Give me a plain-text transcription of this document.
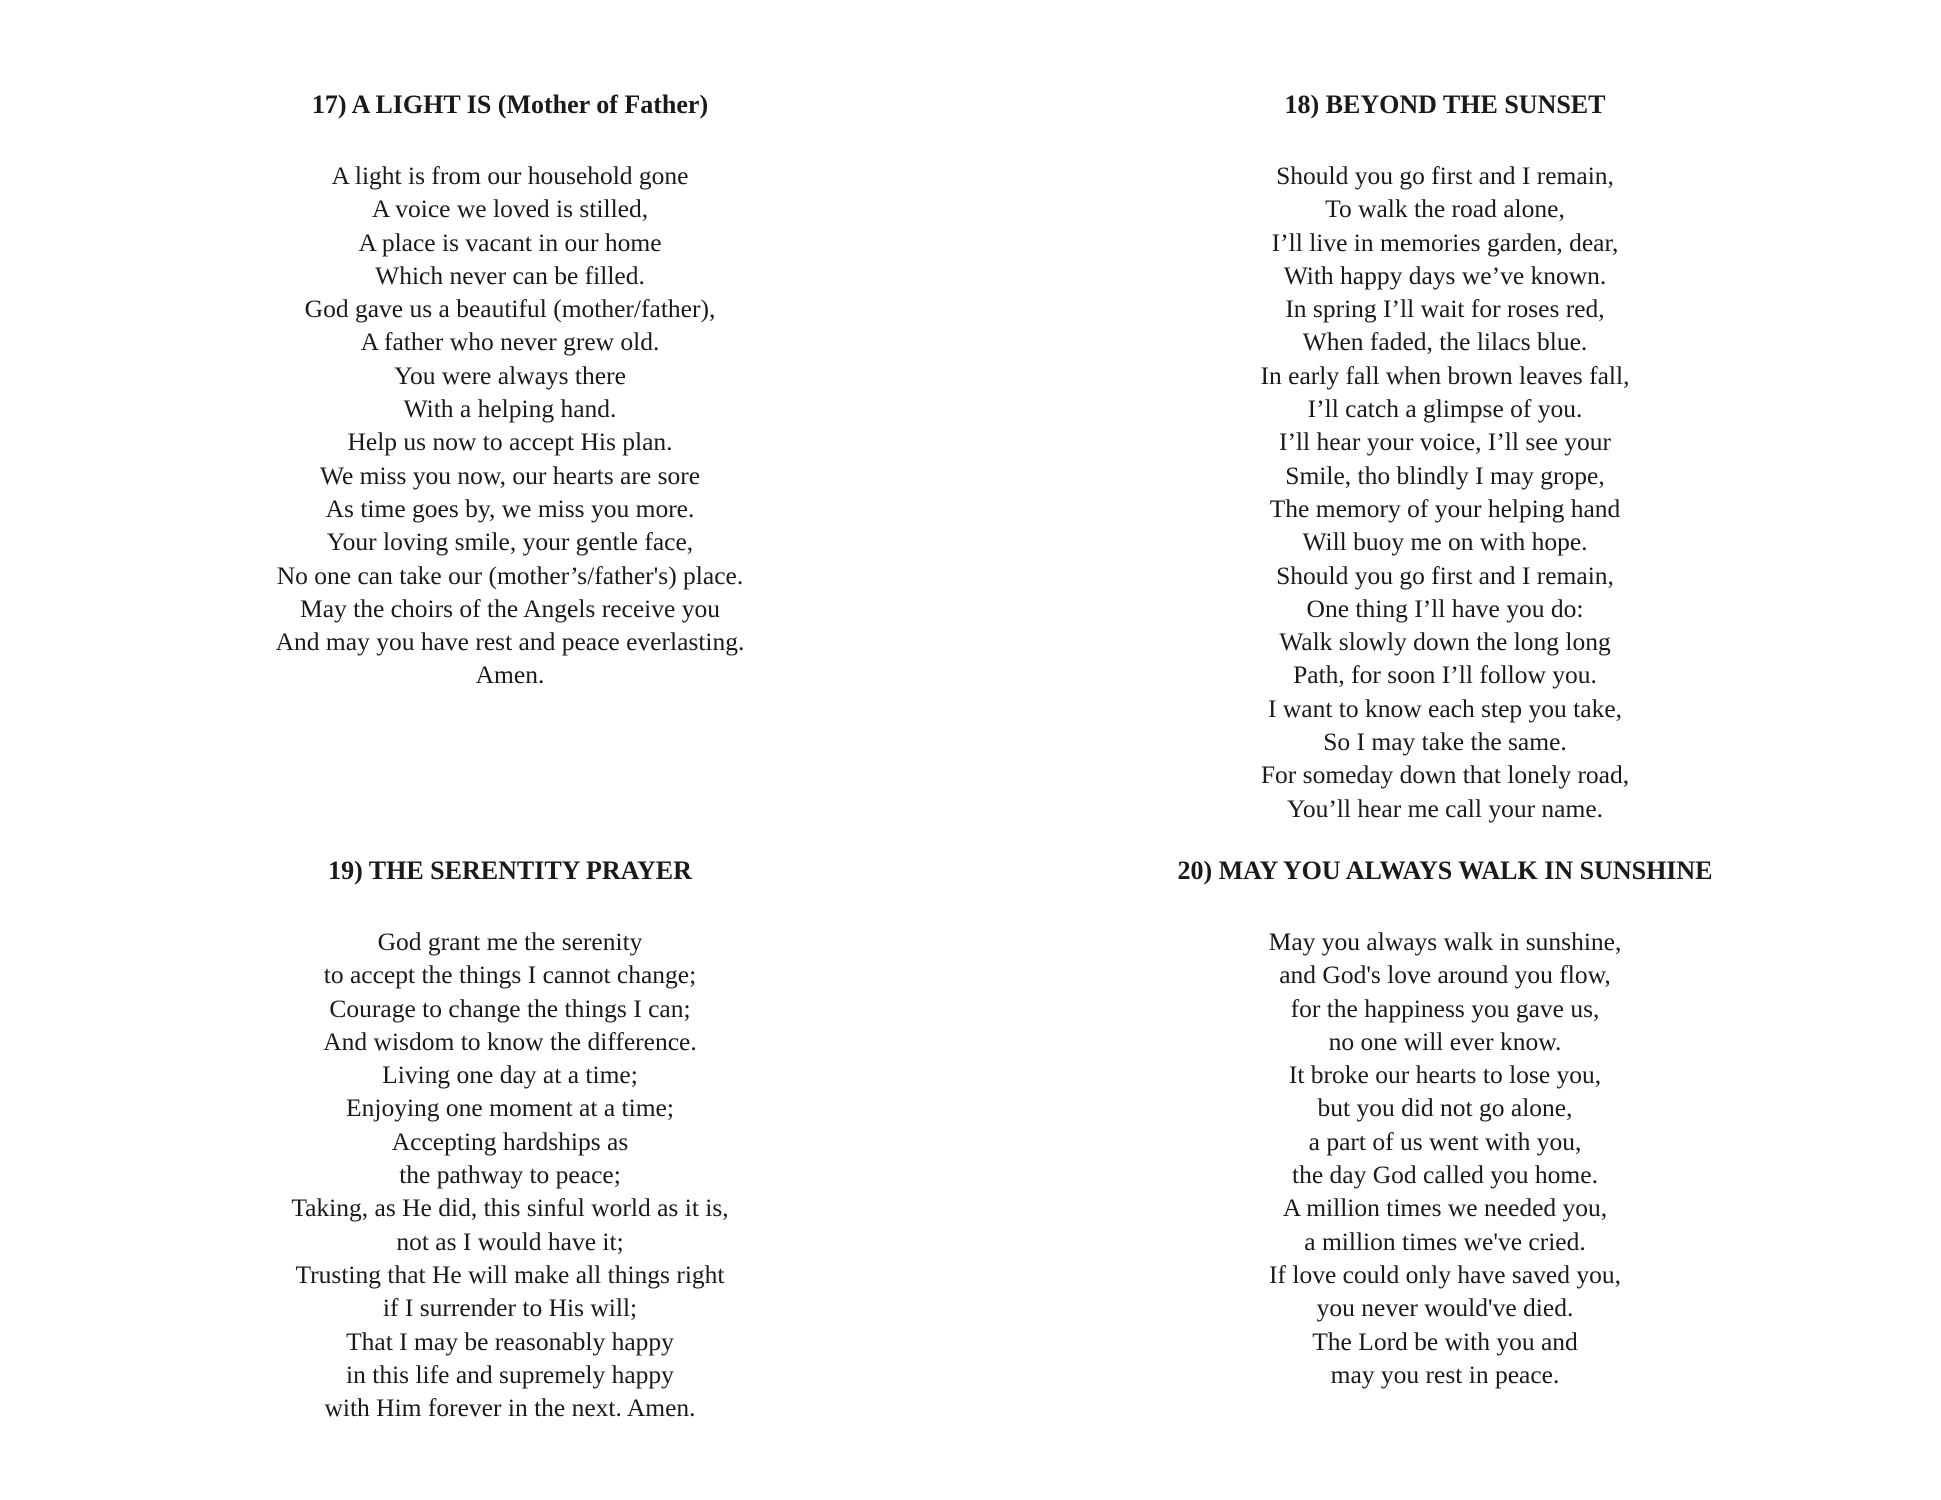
17) A LIGHT IS (Mother of Father)
A light is from our household gone
A voice we loved is stilled,
A place is vacant in our home
Which never can be filled.
God gave us a beautiful (mother/father),
A father who never grew old.
You were always there
With a helping hand.
Help us now to accept His plan.
We miss you now, our hearts are sore
As time goes by, we miss you more.
Your loving smile, your gentle face,
No one can take our (mother’s/father's) place.
May the choirs of the Angels receive you
And may you have rest and peace everlasting.
Amen.
18) BEYOND THE SUNSET
Should you go first and I remain,
To walk the road alone,
I’ll live in memories garden, dear,
With happy days we’ve known.
In spring I’ll wait for roses red,
When faded, the lilacs blue.
In early fall when brown leaves fall,
I’ll catch a glimpse of you.
I’ll hear your voice, I’ll see your
Smile, tho blindly I may grope,
The memory of your helping hand
Will buoy me on with hope.
Should you go first and I remain,
One thing I’ll have you do:
Walk slowly down the long long
Path, for soon I’ll follow you.
I want to know each step you take,
So I may take the same.
For someday down that lonely road,
You’ll hear me call your name.
19) THE SERENTITY PRAYER
God grant me the serenity
to accept the things I cannot change;
Courage to change the things I can;
And wisdom to know the difference.
Living one day at a time;
Enjoying one moment at a time;
Accepting hardships as
the pathway to peace;
Taking, as He did, this sinful world as it is,
not as I would have it;
Trusting that He will make all things right
if I surrender to His will;
That I may be reasonably happy
in this life and supremely happy
with Him forever in the next. Amen.
20) MAY YOU ALWAYS WALK IN SUNSHINE
May you always walk in sunshine,
and God's love around you flow,
for the happiness you gave us,
no one will ever know.
It broke our hearts to lose you,
but you did not go alone,
a part of us went with you,
the day God called you home.
A million times we needed you,
a million times we've cried.
If love could only have saved you,
you never would've died.
The Lord be with you and
may you rest in peace.
